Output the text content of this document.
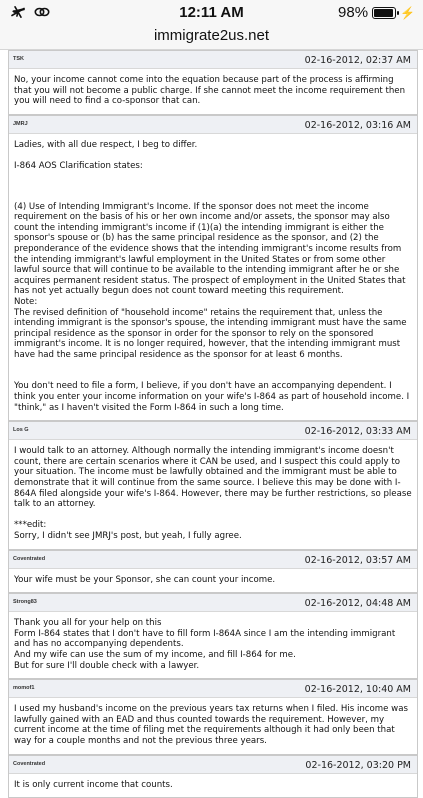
12:11 AM	98%	⚡
immigrate2us.net
TSK	02-16-2012, 02:37 AM

No, your income cannot come into the equation because part of the process is affirming that you will not become a public charge. If she cannot meet the income requirement then you will need to find a co-sponsor that can.

JMRJ	02-16-2012, 03:16 AM

Ladies, with all due respect, I beg to differ.

I-864 AOS Clarification states:

(4) Use of Intending Immigrant's Income. If the sponsor does not meet the income requirement on the basis of his or her own income and/or assets, the sponsor may also count the intending immigrant's income if (1)(a) the intending immigrant is either the sponsor's spouse or (b) has the same principal residence as the sponsor, and (2) the preponderance of the evidence shows that the intending immigrant's income results from the intending immigrant's lawful employment in the United States or from some other lawful source that will continue to be available to the intending immigrant after he or she acquires permanent resident status. The prospect of employment in the United States that has not yet actually begun does not count toward meeting this requirement.

Note:

The revised definition of "household income" retains the requirement that, unless the intending immigrant is the sponsor's spouse, the intending immigrant must have the same principal residence as the sponsor in order for the sponsor to rely on the sponsored immigrant's income. It is no longer required, however, that the intending immigrant must have had the same principal residence as the sponsor for at least 6 months.

You don't need to file a form, I believe, if you don't have an accompanying dependent. I think you enter your income information on your wife's I-864 as part of household income. I "think," as I haven't visited the Form I-864 in such a long time.

Los G	02-16-2012, 03:33 AM

I would talk to an attorney. Although normally the intending immigrant's income doesn't count, there are certain scenarios where it CAN be used, and I suspect this could apply to your situation. The income must be lawfully obtained and the immigrant must be able to demonstrate that it will continue from the same source. I believe this may be done with I-864A filed alongside your wife's I-864. However, there may be further restrictions, so please talk to an attorney.

***edit:

Sorry, I didn't see JMRJ's post, but yeah, I fully agree.

Coventrated	02-16-2012, 03:57 AM

Your wife must be your Sponsor, she can count your income.

Strong83	02-16-2012, 04:48 AM

Thank you all for your help on this

Form I-864 states that I don't have to fill form I-864A since I am the intending immigrant and has no accompanying dependents.

And my wife can use the sum of my income, and fill I-864 for me.

But for sure I'll double check with a lawyer.

momof1	02-16-2012, 10:40 AM

I used my husband's income on the previous years tax returns when I filed. His income was lawfully gained with an EAD and thus counted towards the requirement. However, my current income at the time of filing met the requirements although it had only been that way for a couple months and not the previous three years.

Coventrated	02-16-2012, 03:20 PM

It is only current income that counts.
